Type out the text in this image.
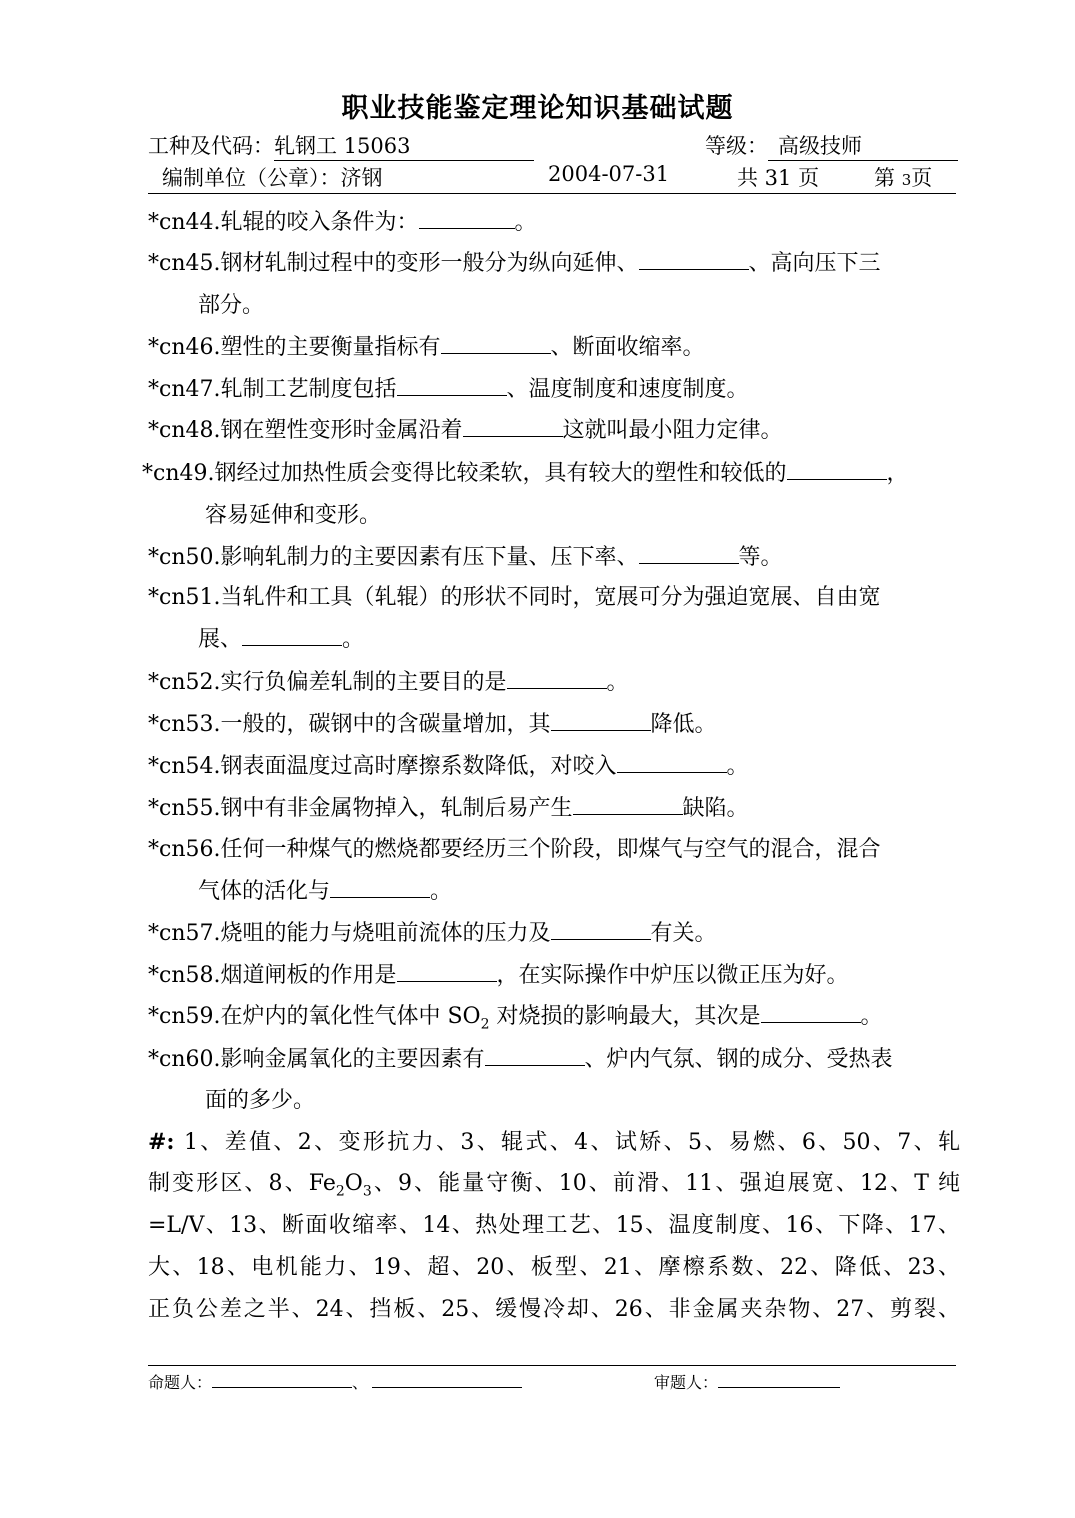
职业技能鉴定理论知识基础试题
工种及代码：轧钢工 15063	等级： 高级技师
编制单位（公章）：济钢	2004-07-31	共 31 页	第 3页
*cn44.轧辊的咬入条件为：	。
*cn45.钢材轧制过程中的变形一般分为纵向延伸、	、高向压下三
部分。
*cn46.塑性的主要衡量指标有	、断面收缩率。
*cn47.轧制工艺制度包括	、温度制度和速度制度。
*cn48.钢在塑性变形时金属沿着	这就叫最小阻力定律。
*cn49.钢经过加热性质会变得比较柔软，具有较大的塑性和较低的	，
容易延伸和变形。
*cn50.影响轧制力的主要因素有压下量、压下率、	等。
*cn51.当轧件和工具（轧辊）的形状不同时，宽展可分为强迫宽展、自由宽
展、	。
*cn52.实行负偏差轧制的主要目的是	。
*cn53.一般的，碳钢中的含碳量增加，其	降低。
*cn54.钢表面温度过高时摩擦系数降低，对咬入	。
*cn55.钢中有非金属物掉入，轧制后易产生	缺陷。
*cn56.任何一种煤气的燃烧都要经历三个阶段，即煤气与空气的混合，混合
气体的活化与	。
*cn57.烧咀的能力与烧咀前流体的压力及	有关。
*cn58.烟道闸板的作用是	，在实际操作中炉压以微正压为好。
*cn59.在炉内的氧化性气体中 $SO_2$ 对烧损的影响最大，其次是	。
*cn60.影响金属氧化的主要因素有	、炉内气氛、钢的成分、受热表
面的多少。
#: 1、差值、2、变形抗力、3、辊式、4、试矫、5、易燃、6、50、7、轧
制变形区、8、$Fe_2O_3$、9、能量守衡、10、前滑、11、强迫展宽、12、T 纯
=L/V、13、断面收缩率、14、热处理工艺、15、温度制度、16、下降、17、
大、18、电机能力、19、超、20、板型、21、摩檫系数、22、降低、23、
正负公差之半、24、挡板、25、缓慢冷却、26、非金属夹杂物、27、剪裂、
命题人：	、	审题人：
